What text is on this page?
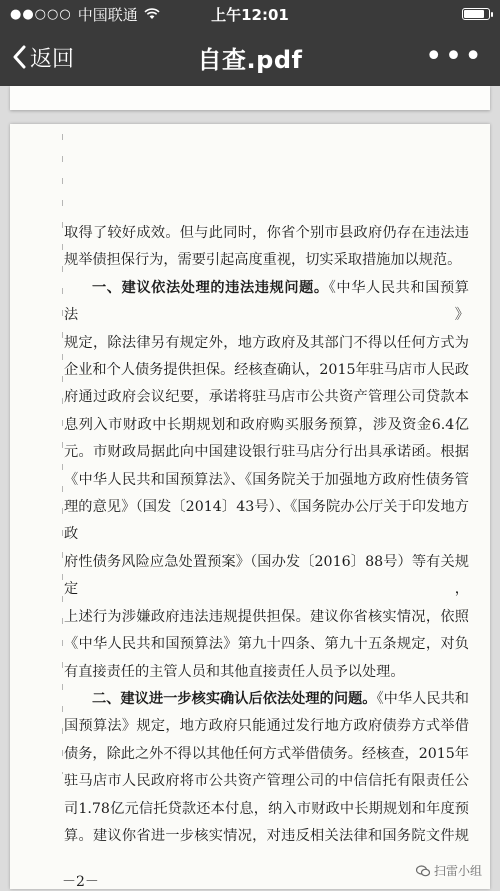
●●○○○ 中国联通	上午12:01
返回	自查.pdf	•••

取得了较好成效。但与此同时，你省个别市县政府仍存在违法违

规举债担保行为，需要引起高度重视，切实采取措施加以规范。

一、建议依法处理的违法违规问题。《中华人民共和国预算法》

规定，除法律另有规定外，地方政府及其部门不得以任何方式为

企业和个人债务提供担保。经核查确认，2015年驻马店市人民政

府通过政府会议纪要，承诺将驻马店市公共资产管理公司贷款本

息列入市财政中长期规划和政府购买服务预算，涉及资金6.4亿

元。市财政局据此向中国建设银行驻马店分行出具承诺函。根据

《中华人民共和国预算法》、《国务院关于加强地方政府性债务管

理的意见》（国发〔2014〕43号）、《国务院办公厅关于印发地方政

府性债务风险应急处置预案》（国办发〔2016〕88号）等有关规定，

上述行为涉嫌政府违法违规提供担保。建议你省核实情况，依照

《中华人民共和国预算法》第九十四条、第九十五条规定，对负

有直接责任的主管人员和其他直接责任人员予以处理。

二、建议进一步核实确认后依法处理的问题。《中华人民共和

国预算法》规定，地方政府只能通过发行地方政府债券方式举借

债务，除此之外不得以其他任何方式举借债务。经核查，2015年

驻马店市人民政府将市公共资产管理公司的中信信托有限责任公

司1.78亿元信托贷款还本付息，纳入市财政中长期规划和年度预

算。建议你省进一步核实情况，对违反相关法律和国务院文件规

－2－
扫雷小组
